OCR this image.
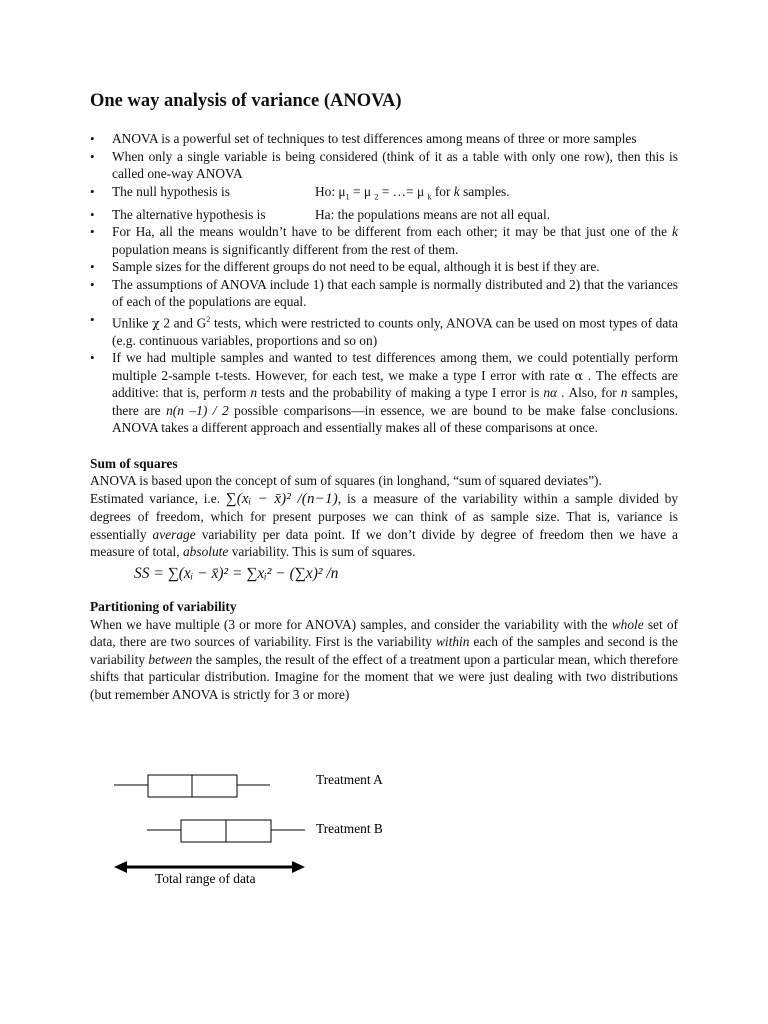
One way analysis of variance (ANOVA)
• ANOVA is a powerful set of techniques to test differences among means of three or more samples
• When only a single variable is being considered (think of it as a table with only one row), then this is called one-way ANOVA
• The null hypothesis is	Ho: $\mu_1 = \mu$ $_2$ = …= μ $_k$ for k samples.
• The alternative hypothesis is	Ha: the populations means are not all equal.
• For Ha, all the means wouldn’t have to be different from each other; it may be that just one of the k population means is significantly different from the rest of them.
• Sample sizes for the different groups do not need to be equal, although it is best if they are.
• The assumptions of ANOVA include 1) that each sample is normally distributed and 2) that the variances of each of the populations are equal.
• Unlike χ 2 and $G^2$ tests, which were restricted to counts only, ANOVA can be used on most types of data (e.g. continuous variables, proportions and so on)
• If we had multiple samples and wanted to test differences among them, we could potentially perform multiple 2-sample t-tests. However, for each test, we make a type I error with rate α . The effects are additive: that is, perform n tests and the probability of making a type I error is nα . Also, for n samples, there are n(n –1) / 2 possible comparisons—in essence, we are bound to be make false conclusions. ANOVA takes a different approach and essentially makes all of these comparisons at once.
Sum of squares

ANOVA is based upon the concept of sum of squares (in longhand, “sum of squared deviates”).

Estimated variance, i.e. ∑(xᵢ − x̄)² /(n−1), is a measure of the variability within a sample divided by degrees of freedom, which for present purposes we can think of as sample size. That is, variance is essentially average variability per data point. If we don’t divide by degree of freedom then we have a measure of total, absolute variability. This is sum of squares.

SS = ∑(xᵢ − x̄)² = ∑xᵢ² − (∑x)² /n
Partitioning of variability

When we have multiple (3 or more for ANOVA) samples, and consider the variability with the whole set of data, there are two sources of variability. First is the variability within each of the samples and second is the variability between the samples, the result of the effect of a treatment upon a particular mean, which therefore shifts that particular distribution. Imagine for the moment that we were just dealing with two distributions (but remember ANOVA is strictly for 3 or more)

Treatment A
Treatment B
Total range of data
